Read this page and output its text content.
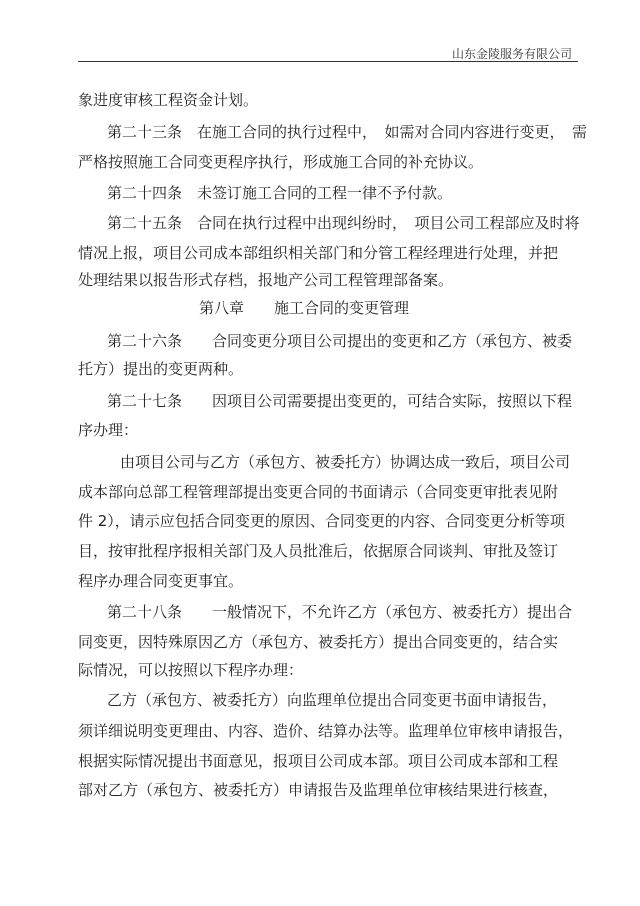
山东金陵服务有限公司
象进度审核工程资金计划。
第二十三条　在施工合同的执行过程中，　如需对合同内容进行变更，　需
严格按照施工合同变更程序执行，形成施工合同的补充协议。
第二十四条　未签订施工合同的工程一律不予付款。
第二十五条　合同在执行过程中出现纠纷时，　项目公司工程部应及时将
情况上报，项目公司成本部组织相关部门和分管工程经理进行处理，并把
处理结果以报告形式存档，报地产公司工程管理部备案。
第八章　　施工合同的变更管理
第二十六条　　合同变更分项目公司提出的变更和乙方（承包方、被委
托方）提出的变更两种。
第二十七条　　因项目公司需要提出变更的，可结合实际，按照以下程
序办理：
由项目公司与乙方（承包方、被委托方）协调达成一致后，项目公司
成本部向总部工程管理部提出变更合同的书面请示（合同变更审批表见附
件 2），请示应包括合同变更的原因、合同变更的内容、合同变更分析等项
目，按审批程序报相关部门及人员批准后，依据原合同谈判、审批及签订
程序办理合同变更事宜。
第二十八条　　一般情况下，不允许乙方（承包方、被委托方）提出合
同变更，因特殊原因乙方（承包方、被委托方）提出合同变更的，结合实
际情况，可以按照以下程序办理：
乙方（承包方、被委托方）向监理单位提出合同变更书面申请报告，
须详细说明变更理由、内容、造价、结算办法等。监理单位审核申请报告，
根据实际情况提出书面意见，报项目公司成本部。项目公司成本部和工程
部对乙方（承包方、被委托方）申请报告及监理单位审核结果进行核查，
